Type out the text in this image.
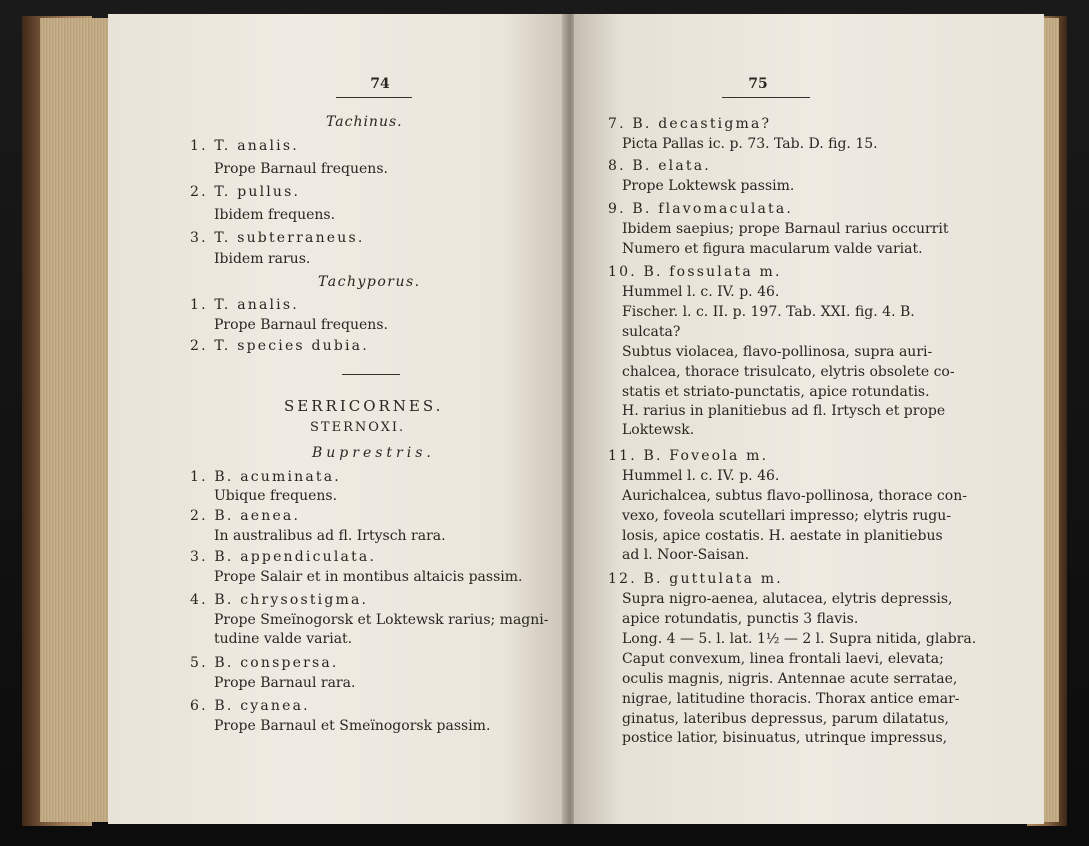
74
Tachinus.
1. T. analis.
Prope Barnaul frequens.
2. T. pullus.
Ibidem frequens.
3. T. subterraneus.
Ibidem rarus.
Tachyporus.
1. T. analis.
Prope Barnaul frequens.
2. T. species dubia.
SERRICORNES.
STERNOXI.
Buprestris.
1. B. acuminata.
Ubique frequens.
2. B. aenea.
In australibus ad fl. Irtysch rara.
3. B. appendiculata.
Prope Salair et in montibus altaicis passim.
4. B. chrysostigma.
Prope Smeïnogorsk et Loktewsk rarius; magni-
tudine valde variat.
5. B. conspersa.
Prope Barnaul rara.
6. B. cyanea.
Prope Barnaul et Smeïnogorsk passim.
75
7. B. decastigma?
Picta Pallas ic. p. 73. Tab. D. fig. 15.
8. B. elata.
Prope Loktewsk passim.
9. B. flavomaculata.
Ibidem saepius; prope Barnaul rarius occurrit
Numero et figura macularum valde variat.
10. B. fossulata m.
Hummel l. c. IV. p. 46.
Fischer. l. c. II. p. 197. Tab. XXI. fig. 4. B.
sulcata?
Subtus violacea, flavo-pollinosa, supra auri-
chalcea, thorace trisulcato, elytris obsolete co-
statis et striato-punctatis, apice rotundatis.
H. rarius in planitiebus ad fl. Irtysch et prope
Loktewsk.
11. B. Foveola m.
Hummel l. c. IV. p. 46.
Aurichalcea, subtus flavo-pollinosa, thorace con-
vexo, foveola scutellari impresso; elytris rugu-
losis, apice costatis. H. aestate in planitiebus
ad l. Noor-Saisan.
12. B. guttulata m.
Supra nigro-aenea, alutacea, elytris depressis,
apice rotundatis, punctis 3 flavis.
Long. 4 — 5. l. lat. 1½ — 2 l. Supra nitida, glabra.
Caput convexum, linea frontali laevi, elevata;
oculis magnis, nigris. Antennae acute serratae,
nigrae, latitudine thoracis. Thorax antice emar-
ginatus, lateribus depressus, parum dilatatus,
postice latior, bisinuatus, utrinque impressus,
